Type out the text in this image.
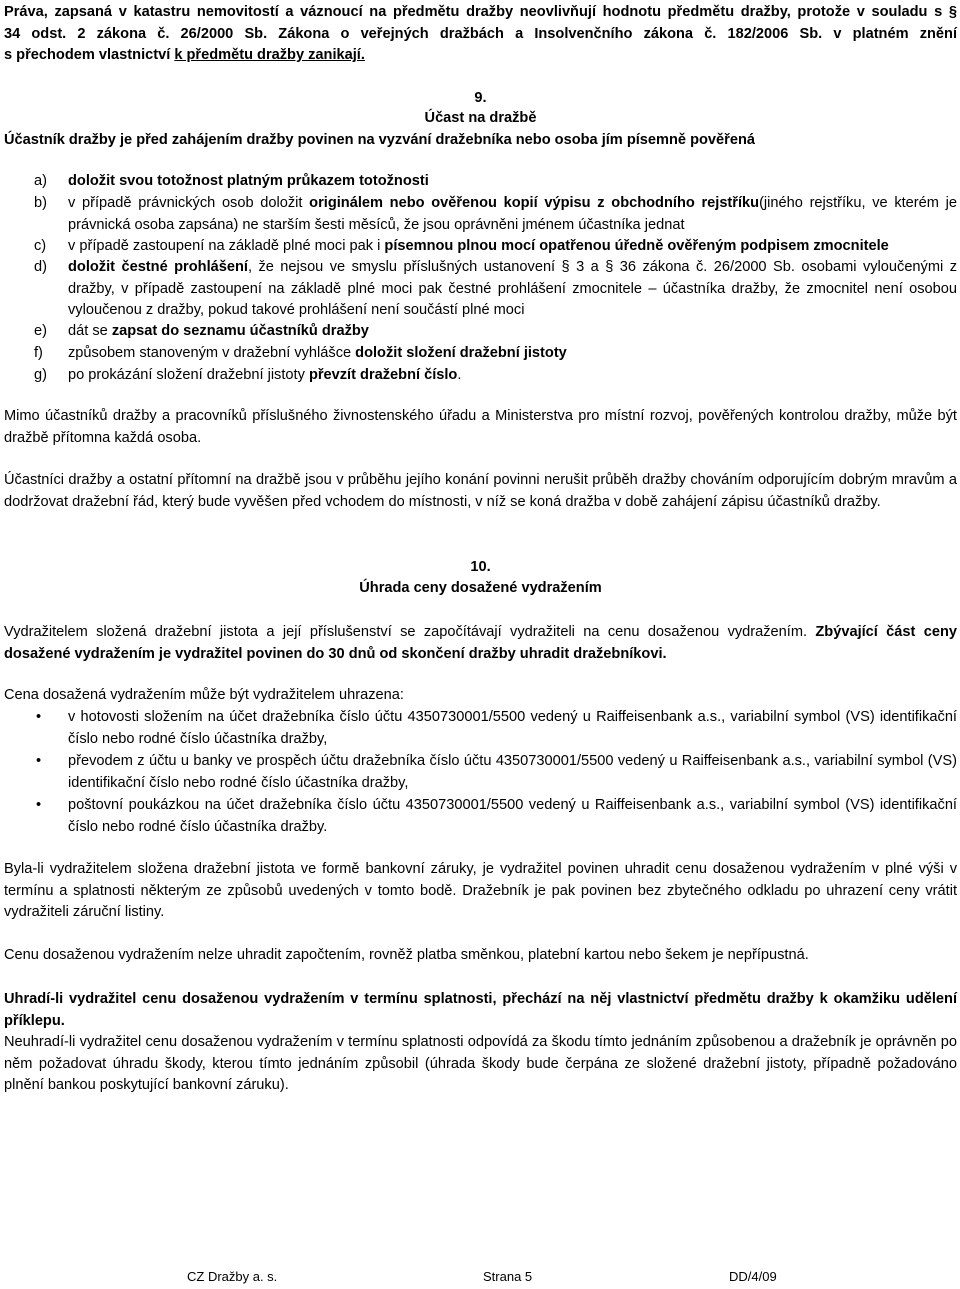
Práva, zapsaná v katastru nemovitostí a váznoucí na předmětu dražby neovlivňují hodnotu předmětu dražby, protože v souladu s §
34 odst. 2 zákona č. 26/2000 Sb. Zákona o veřejných dražbách a Insolvenčního zákona č. 182/2006 Sb. v platném znění
s přechodem vlastnictví k předmětu dražby zanikají.
9.
Účast na dražbě
Účastník dražby je před zahájením dražby povinen na vyzvání dražebníka nebo osoba jím písemně pověřená
a) doložit svou totožnost platným průkazem totožnosti
b) v případě právnických osob doložit originálem nebo ověřenou kopií výpisu z obchodního rejstříku(jiného rejstříku, ve kterém je právnická osoba zapsána) ne starším šesti měsíců, že jsou oprávněni jménem účastníka jednat
c) v případě zastoupení na základě plné moci pak i písemnou plnou mocí opatřenou úředně ověřeným podpisem zmocnitele
d) doložit čestné prohlášení, že nejsou ve smyslu příslušných ustanovení § 3 a § 36 zákona č. 26/2000 Sb. osobami vyloučenými z dražby, v případě zastoupení na základě plné moci pak čestné prohlášení zmocnitele – účastníka dražby, že zmocnitel není osobou vyloučenou z dražby, pokud takové prohlášení není součástí plné moci
e) dát se zapsat do seznamu účastníků dražby
f) způsobem stanoveným v dražební vyhlášce doložit složení dražební jistoty
g) po prokázání složení dražební jistoty převzít dražební číslo.
Mimo účastníků dražby a pracovníků příslušného živnostenského úřadu a Ministerstva pro místní rozvoj, pověřených kontrolou dražby, může být dražbě přítomna každá osoba.
Účastníci dražby a ostatní přítomní na dražbě jsou v průběhu jejího konání povinni nerušit průběh dražby chováním odporujícím dobrým mravům a dodržovat dražební řád, který bude vyvěšen před vchodem do místnosti, v níž se koná dražba v době zahájení zápisu účastníků dražby.
10.
Úhrada ceny dosažené vydražením
Vydražitelem složená dražební jistota a její příslušenství se započítávají vydražiteli na cenu dosaženou vydražením. Zbývající část ceny dosažené vydražením je vydražitel povinen do 30 dnů od skončení dražby uhradit dražebníkovi.
Cena dosažená vydražením může být vydražitelem uhrazena:
• v hotovosti složením na účet dražebníka číslo účtu 4350730001/5500 vedený u Raiffeisenbank a.s., variabilní symbol (VS) identifikační číslo nebo rodné číslo účastníka dražby,
• převodem z účtu u banky ve prospěch účtu dražebníka číslo účtu 4350730001/5500 vedený u Raiffeisenbank a.s., variabilní symbol (VS) identifikační číslo nebo rodné číslo účastníka dražby,
• poštovní poukázkou na účet dražebníka číslo účtu 4350730001/5500 vedený u Raiffeisenbank a.s., variabilní symbol (VS) identifikační číslo nebo rodné číslo účastníka dražby.
Byla-li vydražitelem složena dražební jistota ve formě bankovní záruky, je vydražitel povinen uhradit cenu dosaženou vydražením v plné výši v termínu a splatnosti některým ze způsobů uvedených v tomto bodě. Dražebník je pak povinen bez zbytečného odkladu po uhrazení ceny vrátit vydražiteli záruční listiny.
Cenu dosaženou vydražením nelze uhradit započtením, rovněž platba směnkou, platební kartou nebo šekem je nepřípustná.
Uhradí-li vydražitel cenu dosaženou vydražením v termínu splatnosti, přechází na něj vlastnictví předmětu dražby k okamžiku udělení příklepu.
Neuhradí-li vydražitel cenu dosaženou vydražením v termínu splatnosti odpovídá za škodu tímto jednáním způsobenou a dražebník je oprávněn po něm požadovat úhradu škody, kterou tímto jednáním způsobil (úhrada škody bude čerpána ze složené dražební jistoty, případně požadováno plnění bankou poskytující bankovní záruku).
CZ Dražby a. s.	Strana 5	DD/4/09
